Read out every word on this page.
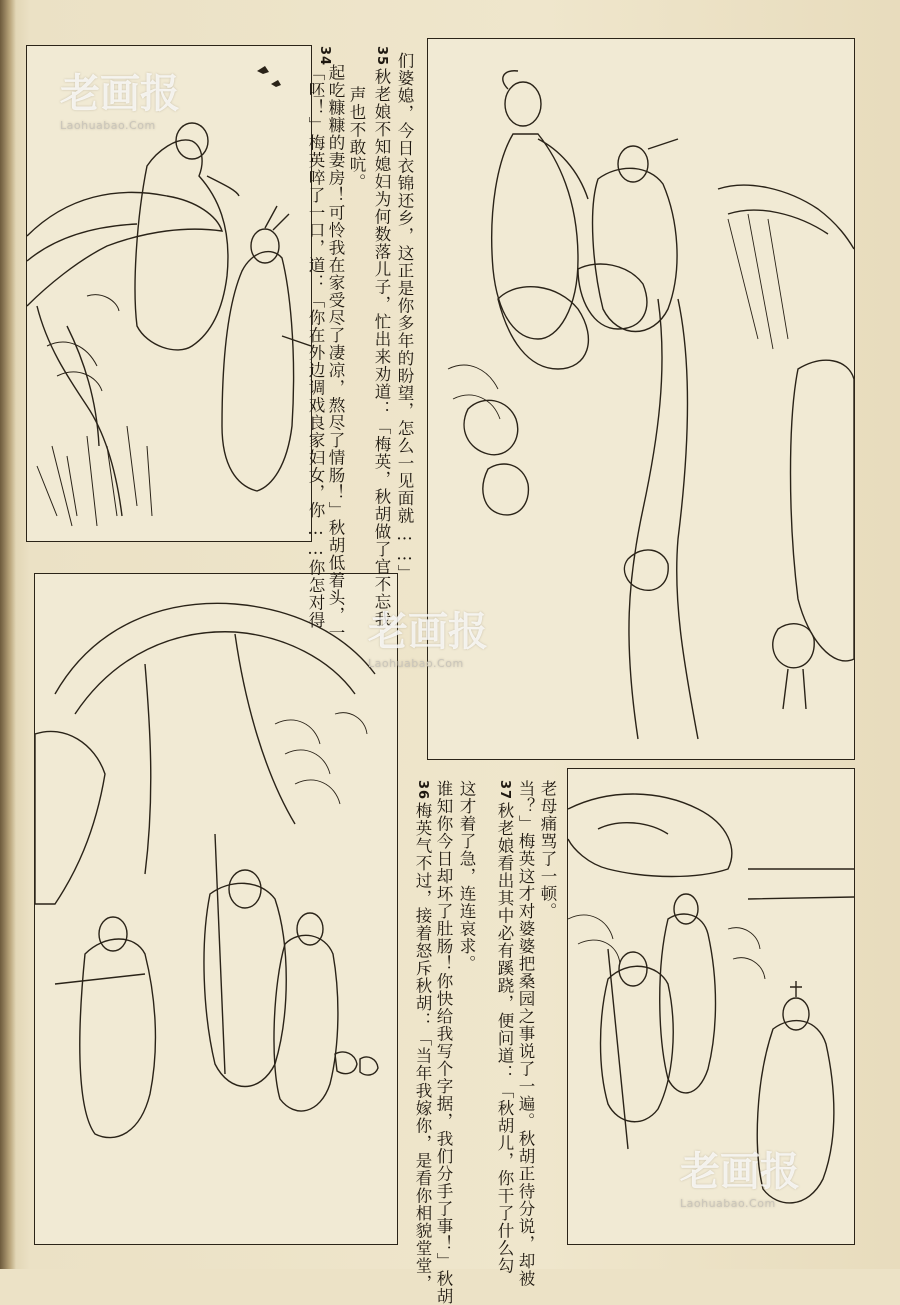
声也不敢吭。
起吃糠糠的妻房！可怜我在家受尽了凄凉，熬尽了情肠！」秋胡低着头，一
34
「呸！」梅英啐了一口，道：「你在外边调戏良家妇女，你……你怎对得	们婆媳，今日衣锦还乡，这正是你多年的盼望，怎么一见面就……」
35
秋老娘不知媳妇为何数落儿子，忙出来劝道：「梅英，秋胡做了官不忘我
老母痛骂了一顿。
当？」梅英这才对婆婆把桑园之事说了一遍。秋胡正待分说，却被
37
秋老娘看出其中必有蹊跷，便问道：「秋胡儿，你干了什么勾
这才着了急，连连哀求。
谁知你今日却坏了肚肠！你快给我写个字据，我们分手了事！」秋胡
36
梅英气不过，接着怒斥秋胡：「当年我嫁你，是看你相貌堂堂，
老画报
Laohuabao.Com
老画报
Laohuabao.Com
老画报
Laohuabao.Com
